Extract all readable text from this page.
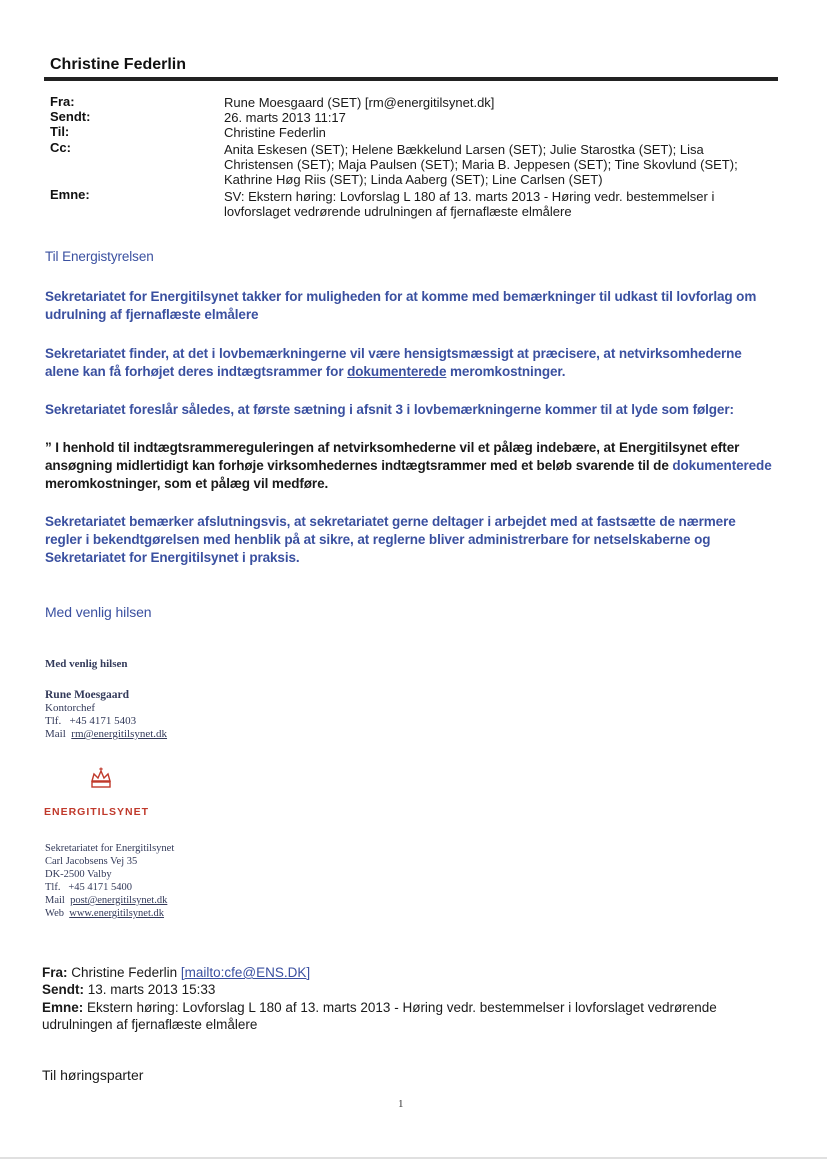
Christine Federlin
Fra:	Rune Moesgaard (SET) [rm@energitilsynet.dk]
Sendt:	26. marts 2013 11:17
Til:	Christine Federlin
Cc:	Anita Eskesen (SET); Helene Bækkelund Larsen (SET); Julie Starostka (SET); Lisa
Christensen (SET); Maja Paulsen (SET); Maria B. Jeppesen (SET); Tine Skovlund (SET);
Kathrine Høg Riis (SET); Linda Aaberg (SET); Line Carlsen (SET)
Emne:	SV: Ekstern høring: Lovforslag L 180 af 13. marts 2013 - Høring vedr. bestemmelser i
lovforslaget vedrørende udrulningen af fjernaflæste elmålere
Til Energistyrelsen
Sekretariatet for Energitilsynet takker for muligheden for at komme med bemærkninger til udkast til lovforlag om udrulning af fjernaflæste elmålere
Sekretariatet finder, at det i lovbemærkningerne vil være hensigtsmæssigt at præcisere, at netvirksomhederne alene kan få forhøjet deres indtægtsrammer for dokumenterede meromkostninger.
Sekretariatet foreslår således, at første sætning i afsnit 3 i lovbemærkningerne kommer til at lyde som følger:
” I henhold til indtægtsrammereguleringen af netvirksomhederne vil et pålæg indebære, at Energitilsynet efter ansøgning midlertidigt kan forhøje virksomhedernes indtægtsrammer med et beløb svarende til de dokumenterede meromkostninger, som et pålæg vil medføre.
Sekretariatet bemærker afslutningsvis, at sekretariatet gerne deltager i arbejdet med at fastsætte de nærmere regler i bekendtgørelsen med henblik på at sikre, at reglerne bliver administrerbare for netselskaberne og Sekretariatet for Energitilsynet i praksis.
Med venlig hilsen
Med venlig hilsen
Rune Moesgaard
Kontorchef
Tlf. +45 4171 5403
Mail rm@energitilsynet.dk
ENERGITILSYNET
Sekretariatet for Energitilsynet
Carl Jacobsens Vej 35
DK-2500 Valby
Tlf. +45 4171 5400
Mail post@energitilsynet.dk
Web www.energitilsynet.dk
Fra: Christine Federlin [mailto:cfe@ENS.DK]
Sendt: 13. marts 2013 15:33
Emne: Ekstern høring: Lovforslag L 180 af 13. marts 2013 - Høring vedr. bestemmelser i lovforslaget vedrørende udrulningen af fjernaflæste elmålere
Til høringsparter
1
